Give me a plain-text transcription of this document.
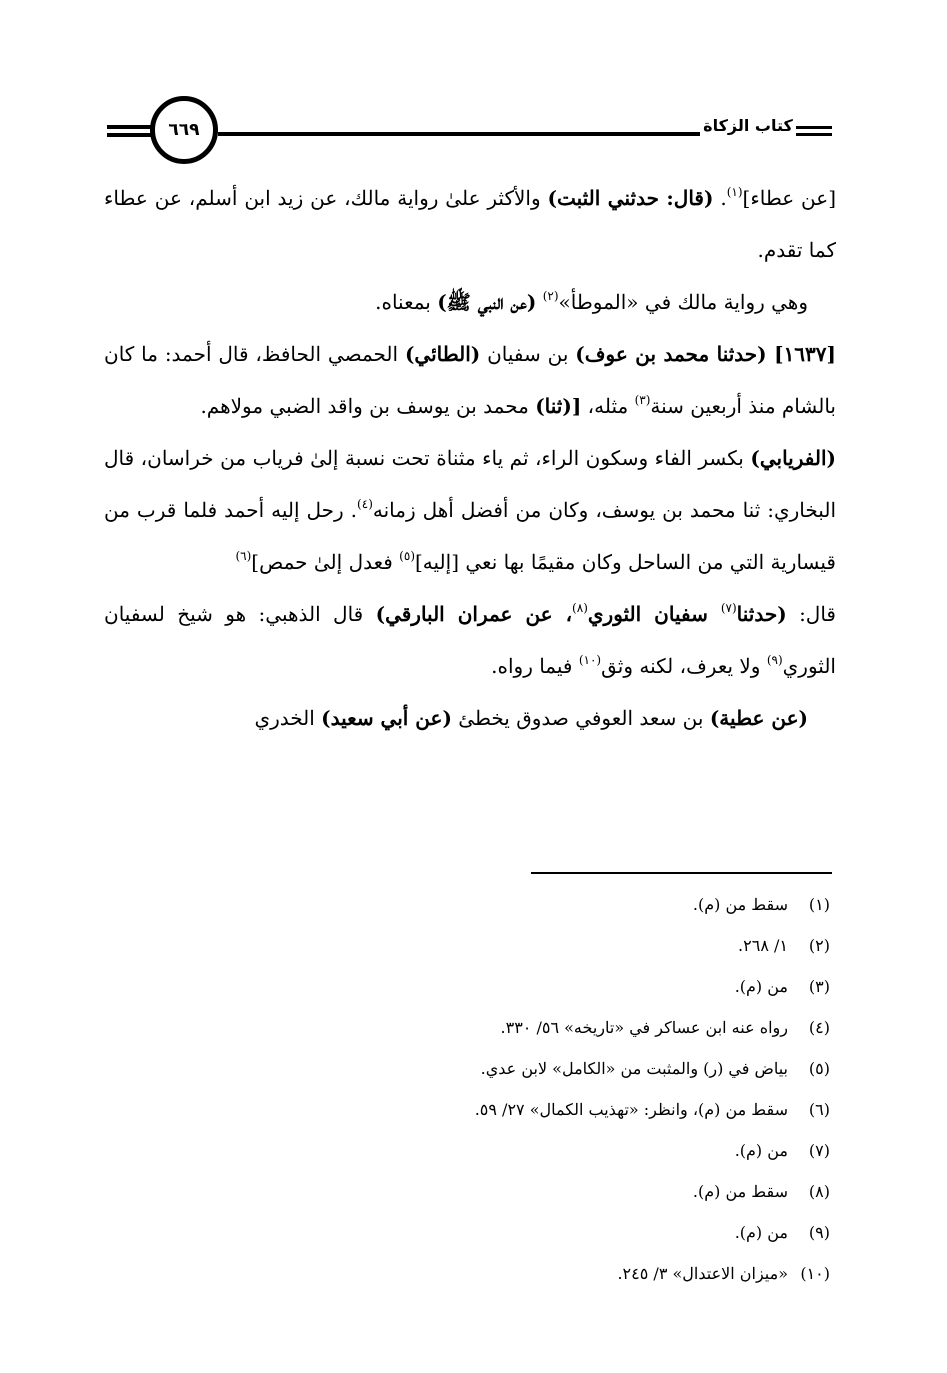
٦٦٩	كتاب الزكاة

[عن عطاء]$^{(١)}$. (قال: حدثني الثبت) والأكثر علىٰ رواية مالك، عن زيد ابن أسلم، عن عطاء كما تقدم.

وهي رواية مالك في «الموطأ»$^{(٢)}$ (عن النبي ﷺ) بمعناه.

[١٦٣٧] (حدثنا محمد بن عوف) بن سفيان (الطائي) الحمصي الحافظ، قال أحمد: ما كان بالشام منذ أربعين سنة$^{(٣)}$ مثله، [(ثنا) محمد بن يوسف بن واقد الضبي مولاهم.

(الفريابي) بكسر الفاء وسكون الراء، ثم ياء مثناة تحت نسبة إلىٰ فرياب من خراسان، قال البخاري: ثنا محمد بن يوسف، وكان من أفضل أهل زمانه$^{(٤)}$. رحل إليه أحمد فلما قرب من قيسارية التي من الساحل وكان مقيمًا بها نعي [إليه]$^{(٥)}$ فعدل إلىٰ حمص]$^{(٦)}$

قال: (حدثنا$^{(٧)}$ سفيان الثوري$^{(٨)}$، عن عمران البارقي) قال الذهبي: هو شيخ لسفيان الثوري$^{(٩)}$ ولا يعرف، لكنه وثق$^{(١٠)}$ فيما رواه.

(عن عطية) بن سعد العوفي صدوق يخطئ (عن أبي سعيد) الخدري

(١)
سقط من (م).
(٢)
١/ ٢٦٨.
(٣)
من (م).
(٤)
رواه عنه ابن عساكر في «تاريخه» ٥٦/ ٣٣٠.
(٥)
بياض في (ر) والمثبت من «الكامل» لابن عدي.
(٦)
سقط من (م)، وانظر: «تهذيب الكمال» ٢٧/ ٥٩.
(٧)
من (م).
(٨)
سقط من (م).
(٩)
من (م).
(١٠)
«ميزان الاعتدال» ٣/ ٢٤٥.
